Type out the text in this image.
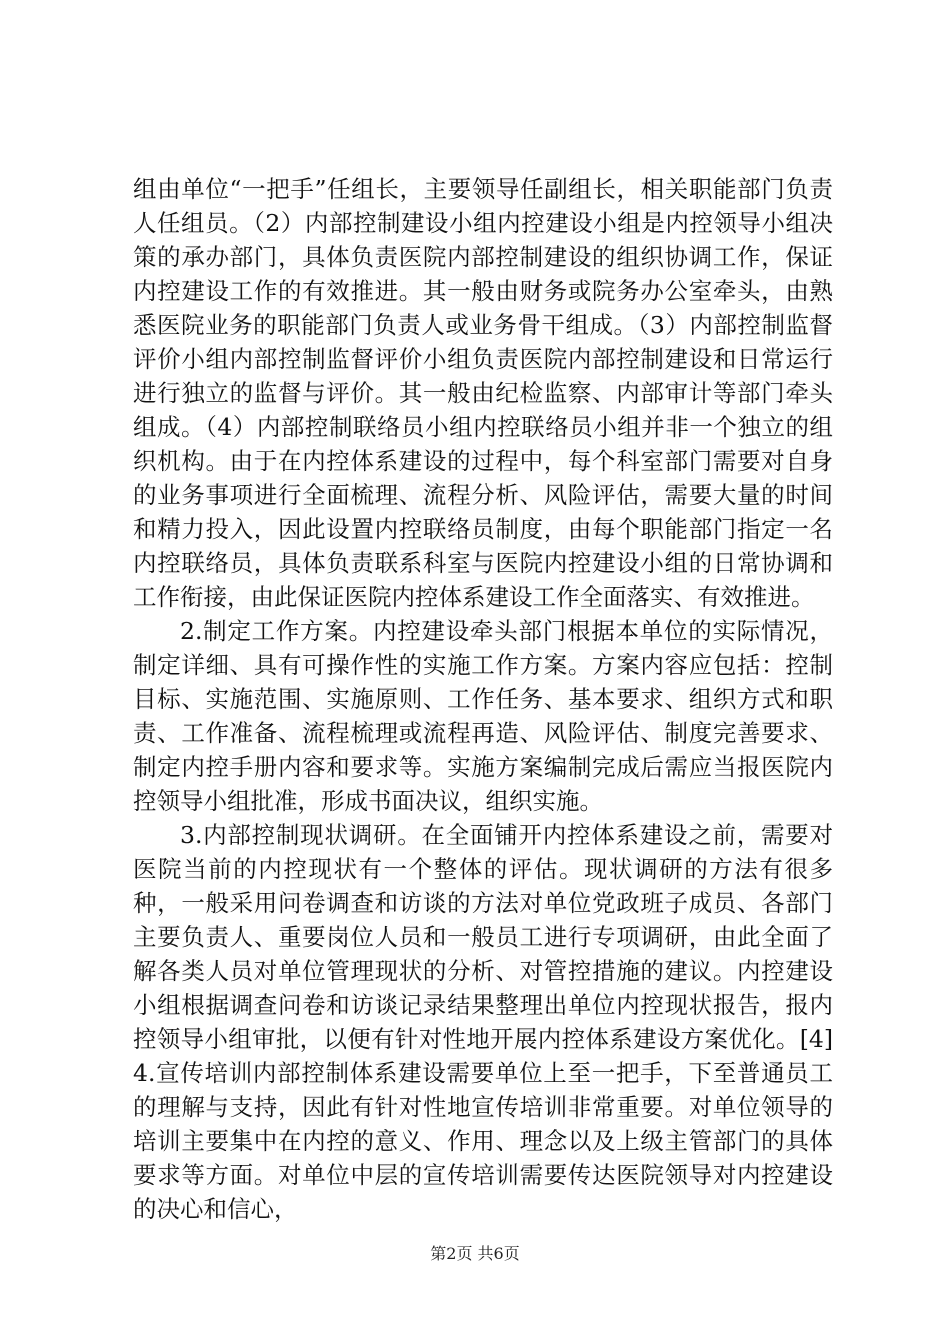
组由单位“一把手”任组长，主要领导任副组长，相关职能部门负责人任组员。（2）内部控制建设小组内控建设小组是内控领导小组决策的承办部门，具体负责医院内部控制建设的组织协调工作，保证内控建设工作的有效推进。其一般由财务或院务办公室牵头，由熟悉医院业务的职能部门负责人或业务骨干组成。（3）内部控制监督评价小组内部控制监督评价小组负责医院内部控制建设和日常运行进行独立的监督与评价。其一般由纪检监察、内部审计等部门牵头组成。（4）内部控制联络员小组内控联络员小组并非一个独立的组织机构。由于在内控体系建设的过程中，每个科室部门需要对自身的业务事项进行全面梳理、流程分析、风险评估，需要大量的时间和精力投入，因此设置内控联络员制度，由每个职能部门指定一名内控联络员，具体负责联系科室与医院内控建设小组的日常协调和工作衔接，由此保证医院内控体系建设工作全面落实、有效推进。

2.制定工作方案。内控建设牵头部门根据本单位的实际情况，制定详细、具有可操作性的实施工作方案。方案内容应包括：控制目标、实施范围、实施原则、工作任务、基本要求、组织方式和职责、工作准备、流程梳理或流程再造、风险评估、制度完善要求、制定内控手册内容和要求等。实施方案编制完成后需应当报医院内控领导小组批准，形成书面决议，组织实施。

3.内部控制现状调研。在全面铺开内控体系建设之前，需要对医院当前的内控现状有一个整体的评估。现状调研的方法有很多种，一般采用问卷调查和访谈的方法对单位党政班子成员、各部门主要负责人、重要岗位人员和一般员工进行专项调研，由此全面了解各类人员对单位管理现状的分析、对管控措施的建议。内控建设小组根据调查问卷和访谈记录结果整理出单位内控现状报告，报内控领导小组审批，以便有针对性地开展内控体系建设方案优化。[4]4.宣传培训内部控制体系建设需要单位上至一把手，下至普通员工的理解与支持，因此有针对性地宣传培训非常重要。对单位领导的培训主要集中在内控的意义、作用、理念以及上级主管部门的具体要求等方面。对单位中层的宣传培训需要传达医院领导对内控建设的决心和信心，

第2页 共6页
